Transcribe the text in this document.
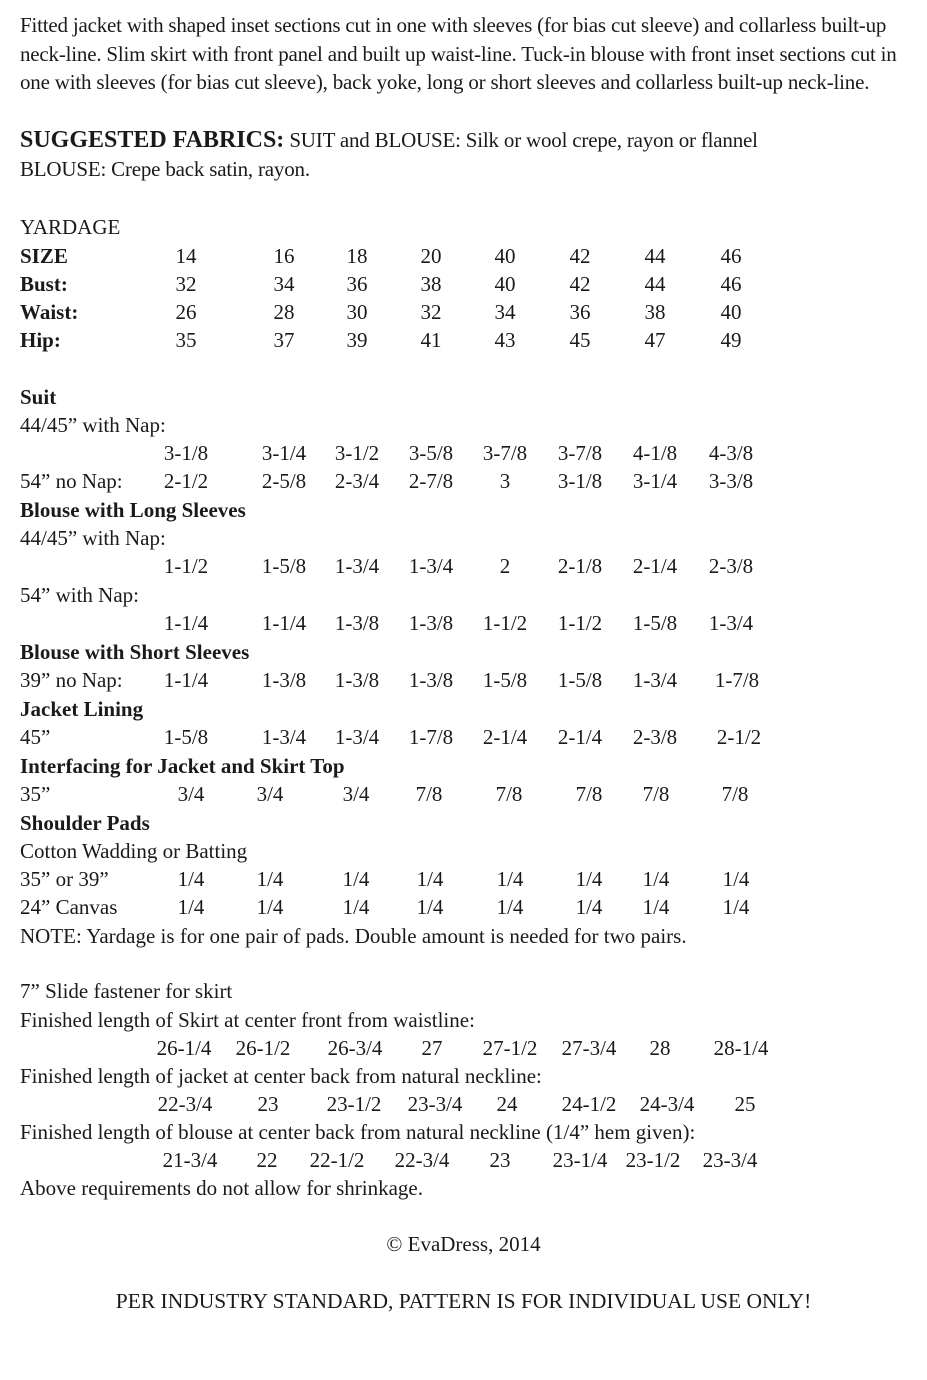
Fitted jacket with shaped inset sections cut in one with sleeves (for bias cut sleeve) and collarless built-up neck-line. Slim skirt with front panel and built up waist-line. Tuck-in blouse with front inset sections cut in one with sleeves (for bias cut sleeve), back yoke, long or short sleeves and collarless built-up neck-line.
SUGGESTED FABRICS: SUIT and BLOUSE: Silk or wool crepe, rayon or flannel
BLOUSE: Crepe back satin, rayon.
YARDAGE
SIZE	14	16	18	20	40	42	44	46
Bust:	32	34	36	38	40	42	44	46
Waist:	26	28	30	32	34	36	38	40
Hip:	35	37	39	41	43	45	47	49
Suit
44/45” with Nap:
3-1/8	3-1/4	3-1/2	3-5/8	3-7/8	3-7/8	4-1/8	4-3/8
54” no Nap:	2-1/2	2-5/8	2-3/4	2-7/8	3	3-1/8	3-1/4	3-3/8
Blouse with Long Sleeves
44/45” with Nap:
1-1/2	1-5/8	1-3/4	1-3/4	2	2-1/8	2-1/4	2-3/8
54” with Nap:
1-1/4	1-1/4	1-3/8	1-3/8	1-1/2	1-1/2	1-5/8	1-3/4
Blouse with Short Sleeves
39” no Nap:	1-1/4	1-3/8	1-3/8	1-3/8	1-5/8	1-5/8	1-3/4	1-7/8
Jacket Lining
45”	1-5/8	1-3/4	1-3/4	1-7/8	2-1/4	2-1/4	2-3/8	2-1/2
Interfacing for Jacket and Skirt Top
35”	3/4	3/4	3/4	7/8	7/8	7/8	7/8	7/8
Shoulder Pads
Cotton Wadding or Batting
35” or 39”	1/4	1/4	1/4	1/4	1/4	1/4	1/4	1/4
24” Canvas	1/4	1/4	1/4	1/4	1/4	1/4	1/4	1/4
NOTE: Yardage is for one pair of pads. Double amount is needed for two pairs.
7” Slide fastener for skirt
Finished length of Skirt at center front from waistline:
26-1/4	26-1/2	26-3/4	27	27-1/2	27-3/4	28	28-1/4
Finished length of jacket at center back from natural neckline:
22-3/4	23	23-1/2	23-3/4	24	24-1/2	24-3/4	25
Finished length of blouse at center back from natural neckline (1/4” hem given):
21-3/4	22	22-1/2	22-3/4	23	23-1/4 23-1/2	23-3/4
Above requirements do not allow for shrinkage.
© EvaDress, 2014
PER INDUSTRY STANDARD, PATTERN IS FOR INDIVIDUAL USE ONLY!
